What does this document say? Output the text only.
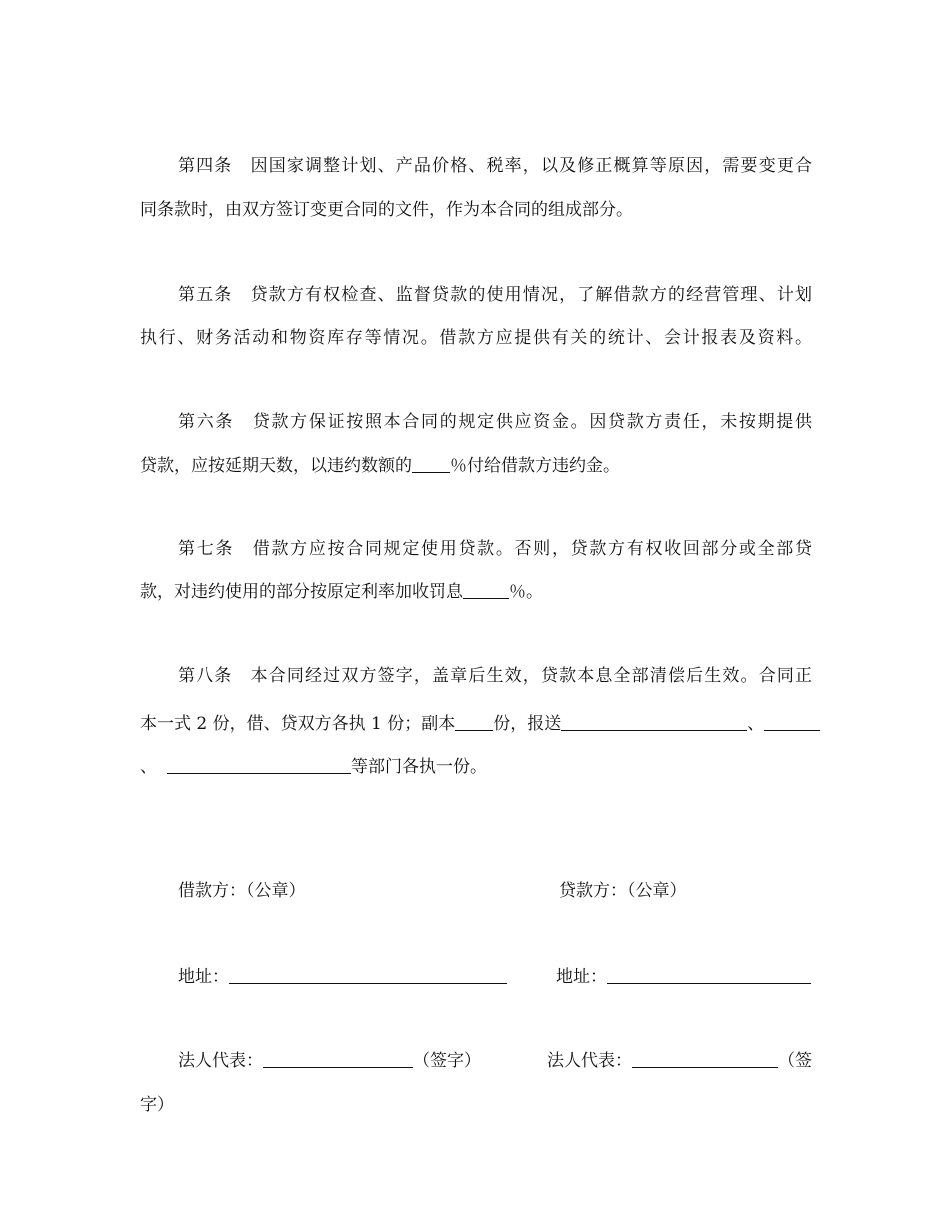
第四条　因国家调整计划、产品价格、税率，以及修正概算等原因，需要变更合
同条款时，由双方签订变更合同的文件，作为本合同的组成部分。
第五条　贷款方有权检查、监督贷款的使用情况，了解借款方的经营管理、计划
执行、财务活动和物资库存等情况。借款方应提供有关的统计、会计报表及资料。
第六条　贷款方保证按照本合同的规定供应资金。因贷款方责任，未按期提供
贷款，应按延期天数，以违约数额的 ％付给借款方违约金。
第七条　借款方应按合同规定使用贷款。否则，贷款方有权收回部分或全部贷
款，对违约使用的部分按原定利率加收罚息	％。
第八条　本合同经过双方签字，盖章后生效，贷款本息全部清偿后生效。合同正
本一式 2 份，借、贷双方各执 1 份；副本 份，报送	、
、	等部门各执一份。
借款方：（公章）	贷款方：（公章）
地址：	地址：
法人代表：	（签字）	法人代表：	（签
字）
